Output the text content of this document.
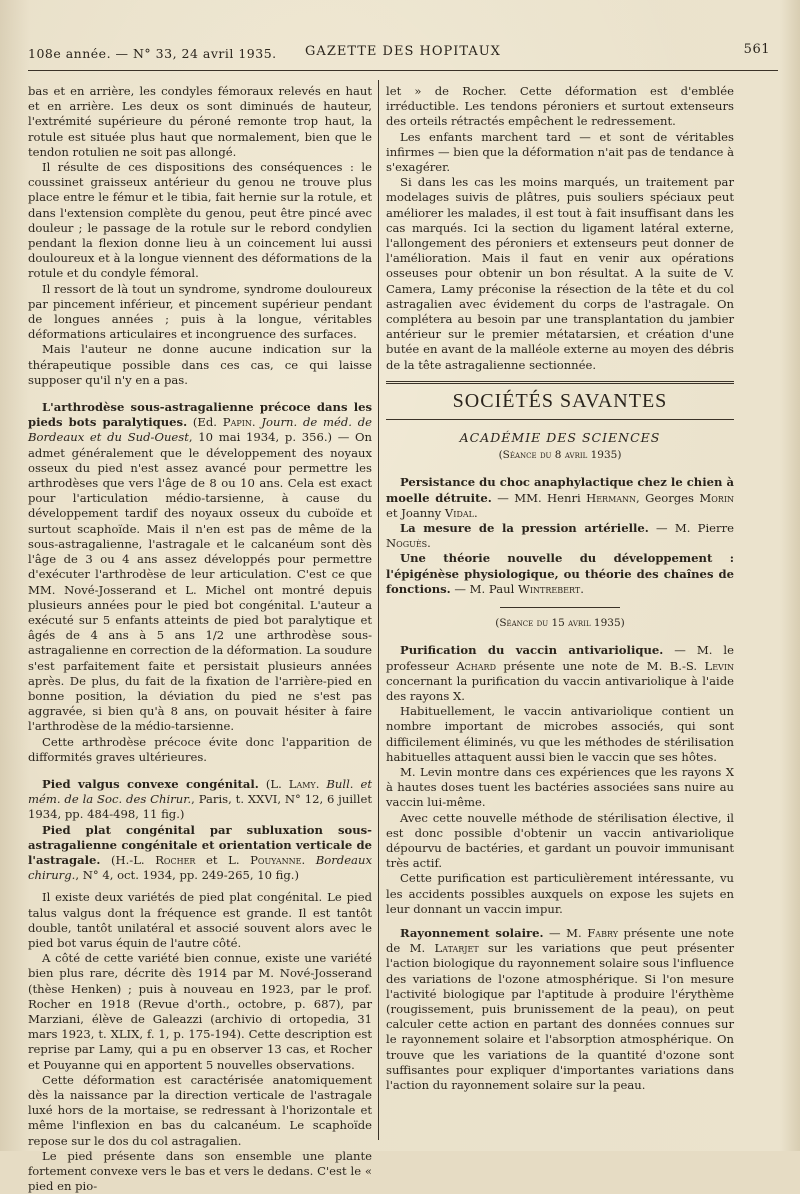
108e année. — N° 33, 24 avril 1935.	GAZETTE DES HOPITAUX	561

bas et en arrière, les condyles fémoraux relevés en haut et en arrière. Les deux os sont diminués de hauteur, l'extrémité supérieure du péroné remonte trop haut, la rotule est située plus haut que normalement, bien que le tendon rotulien ne soit pas allongé.

Il résulte de ces dispositions des conséquences : le coussinet graisseux antérieur du genou ne trouve plus place entre le fémur et le tibia, fait hernie sur la rotule, et dans l'extension complète du genou, peut être pincé avec douleur ; le passage de la rotule sur le rebord condylien pendant la flexion donne lieu à un coincement lui aussi douloureux et à la longue viennent des déformations de la rotule et du condyle fémoral.

Il ressort de là tout un syndrome, syndrome douloureux par pincement inférieur, et pincement supérieur pendant de longues années ; puis à la longue, véritables déformations articulaires et incongruence des surfaces.

Mais l'auteur ne donne aucune indication sur la thérapeutique possible dans ces cas, ce qui laisse supposer qu'il n'y en a pas.

L'arthrodèse sous-astragalienne précoce dans les pieds bots paralytiques. (Ed. Papin. Journ. de méd. de Bordeaux et du Sud-Ouest, 10 mai 1934, p. 356.) — On admet généralement que le développement des noyaux osseux du pied n'est assez avancé pour permettre les arthrodèses que vers l'âge de 8 ou 10 ans. Cela est exact pour l'articulation médio-tarsienne, à cause du développement tardif des noyaux osseux du cuboïde et surtout scaphoïde. Mais il n'en est pas de même de la sous-astragalienne, l'astragale et le calcanéum sont dès l'âge de 3 ou 4 ans assez développés pour permettre d'exécuter l'arthrodèse de leur articulation. C'est ce que MM. Nové-Josserand et L. Michel ont montré depuis plusieurs années pour le pied bot congénital. L'auteur a exécuté sur 5 enfants atteints de pied bot paralytique et âgés de 4 ans à 5 ans 1/2 une arthrodèse sous-astragalienne en correction de la déformation. La soudure s'est parfaitement faite et persistait plusieurs années après. De plus, du fait de la fixation de l'arrière-pied en bonne position, la déviation du pied ne s'est pas aggravée, si bien qu'à 8 ans, on pouvait hésiter à faire l'arthrodèse de la médio-tarsienne.

Cette arthrodèse précoce évite donc l'apparition de difformités graves ultérieures.

Pied valgus convexe congénital. (L. Lamy. Bull. et mém. de la Soc. des Chirur., Paris, t. XXVI, N° 12, 6 juillet 1934, pp. 484-498, 11 fig.)

Pied plat congénital par subluxation sous-astragalienne congénitale et orientation verticale de l'astragale. (H.-L. Rocher et L. Pouyanne. Bordeaux chirurg., N° 4, oct. 1934, pp. 249-265, 10 fig.)

Il existe deux variétés de pied plat congénital. Le pied talus valgus dont la fréquence est grande. Il est tantôt double, tantôt unilatéral et associé souvent alors avec le pied bot varus équin de l'autre côté.

A côté de cette variété bien connue, existe une variété bien plus rare, décrite dès 1914 par M. Nové-Josserand (thèse Henken) ; puis à nouveau en 1923, par le prof. Rocher en 1918 (Revue d'orth., octobre, p. 687), par Marziani, élève de Galeazzi (archivio di ortopedia, 31 mars 1923, t. XLIX, f. 1, p. 175-194). Cette description est reprise par Lamy, qui a pu en observer 13 cas, et Rocher et Pouyanne qui en apportent 5 nouvelles observations.

Cette déformation est caractérisée anatomiquement dès la naissance par la direction verticale de l'astragale luxé hors de la mortaise, se redressant à l'horizontale et même l'inflexion en bas du calcanéum. Le scaphoïde repose sur le dos du col astragalien.

Le pied présente dans son ensemble une plante fortement convexe vers le bas et vers le dedans. C'est le « pied en pio-

let » de Rocher. Cette déformation est d'emblée irréductible. Les tendons péroniers et surtout extenseurs des orteils rétractés empêchent le redressement.

Les enfants marchent tard — et sont de véritables infirmes — bien que la déformation n'ait pas de tendance à s'exagérer.

Si dans les cas les moins marqués, un traitement par modelages suivis de plâtres, puis souliers spéciaux peut améliorer les malades, il est tout à fait insuffisant dans les cas marqués. Ici la section du ligament latéral externe, l'allongement des péroniers et extenseurs peut donner de l'amélioration. Mais il faut en venir aux opérations osseuses pour obtenir un bon résultat. A la suite de V. Camera, Lamy préconise la résection de la tête et du col astragalien avec évidement du corps de l'astragale. On complétera au besoin par une transplantation du jambier antérieur sur le premier métatarsien, et création d'une butée en avant de la malléole externe au moyen des débris de la tête astragalienne sectionnée.

SOCIÉTÉS SAVANTES
ACADÉMIE DES SCIENCES
(Séance du 8 avril 1935)

Persistance du choc anaphylactique chez le chien à moelle détruite. — MM. Henri Hermann, Georges Morin et Joanny Vidal.

La mesure de la pression artérielle. — M. Pierre Noguès.

Une théorie nouvelle du développement : l'épigénèse physiologique, ou théorie des chaînes de fonctions. — M. Paul Wintrebert.

(Séance du 15 avril 1935)

Purification du vaccin antivariolique. — M. le professeur Achard présente une note de M. B.-S. Levin concernant la purification du vaccin antivariolique à l'aide des rayons X.

Habituellement, le vaccin antivariolique contient un nombre important de microbes associés, qui sont difficilement éliminés, vu que les méthodes de stérilisation habituelles attaquent aussi bien le vaccin que ses hôtes.

M. Levin montre dans ces expériences que les rayons X à hautes doses tuent les bactéries associées sans nuire au vaccin lui-même.

Avec cette nouvelle méthode de stérilisation élective, il est donc possible d'obtenir un vaccin antivariolique dépourvu de bactéries, et gardant un pouvoir immunisant très actif.

Cette purification est particulièrement intéressante, vu les accidents possibles auxquels on expose les sujets en leur donnant un vaccin impur.

Rayonnement solaire. — M. Fabry présente une note de M. Latarjet sur les variations que peut présenter l'action biologique du rayonnement solaire sous l'influence des variations de l'ozone atmosphérique. Si l'on mesure l'activité biologique par l'aptitude à produire l'érythème (rougissement, puis brunissement de la peau), on peut calculer cette action en partant des données connues sur le rayonnement solaire et l'absorption atmosphérique. On trouve que les variations de la quantité d'ozone sont suffisantes pour expliquer d'importantes variations dans l'action du rayonnement solaire sur la peau.
